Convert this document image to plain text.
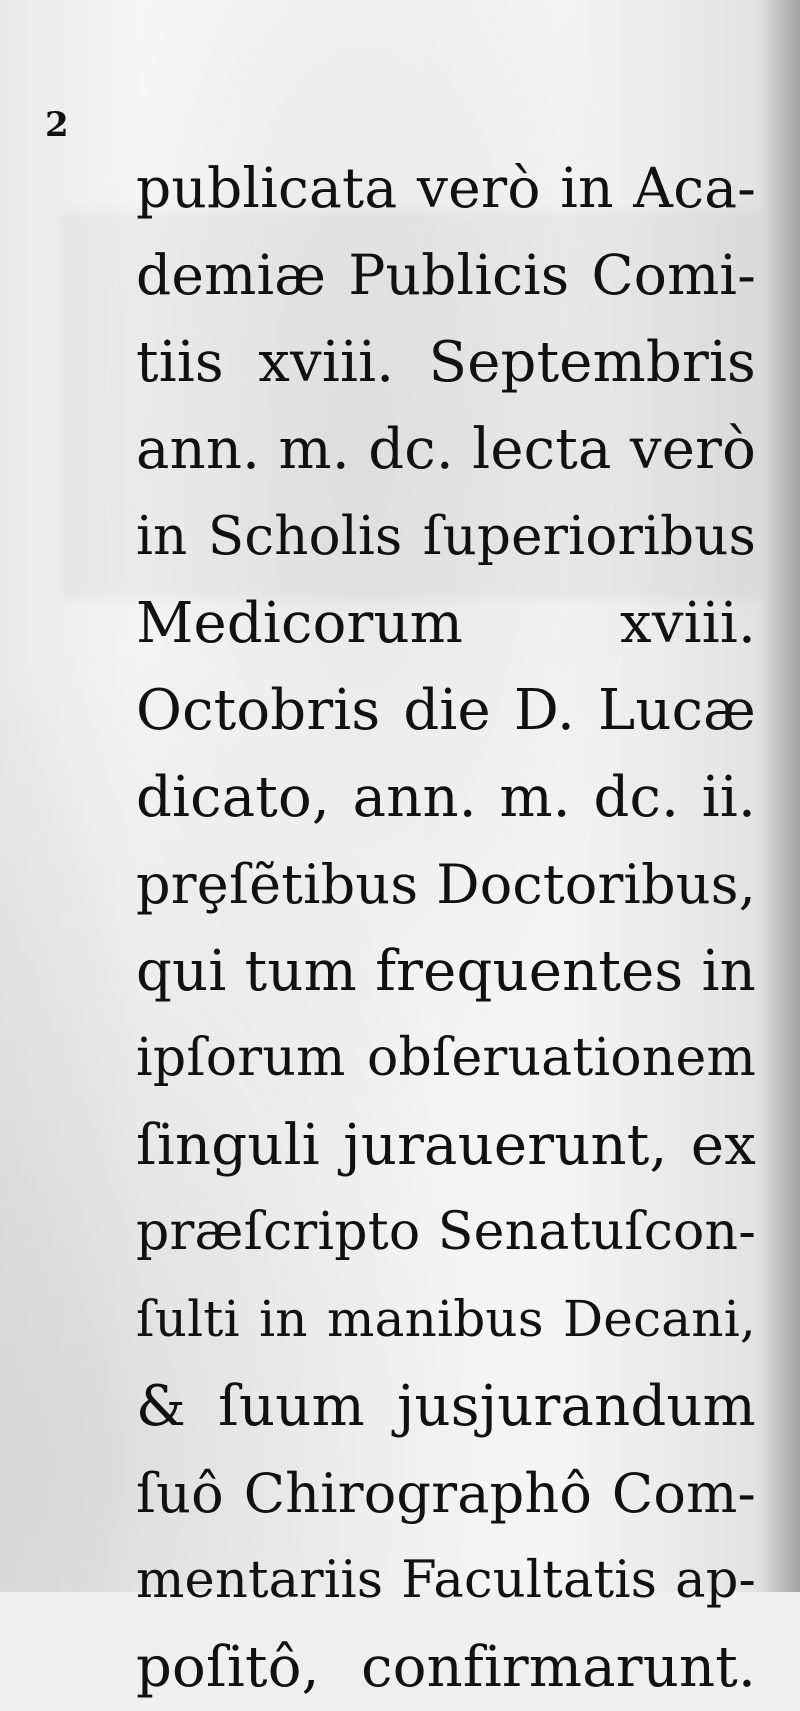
2
publicata verò in Aca-
demiæ Publicis Comi-
tiis xviii. Septembris
ann. m. dc. lecta verò
in Scholis ſuperioribus
Medicorum xviii.
Octobris die D. Lucæ
dicato, ann. m. dc. ii.
prȩſẽtibus Doctoribus,
qui tum frequentes in
ipſorum obſeruationem
ſinguli jurauerunt, ex
præſcripto Senatuſcon-
ſulti in manibus Decani,
& ſuum jusjurandum
ſuô Chirographô Com-
mentariis Facultatis ap-
poſitô, confirmarunt.
